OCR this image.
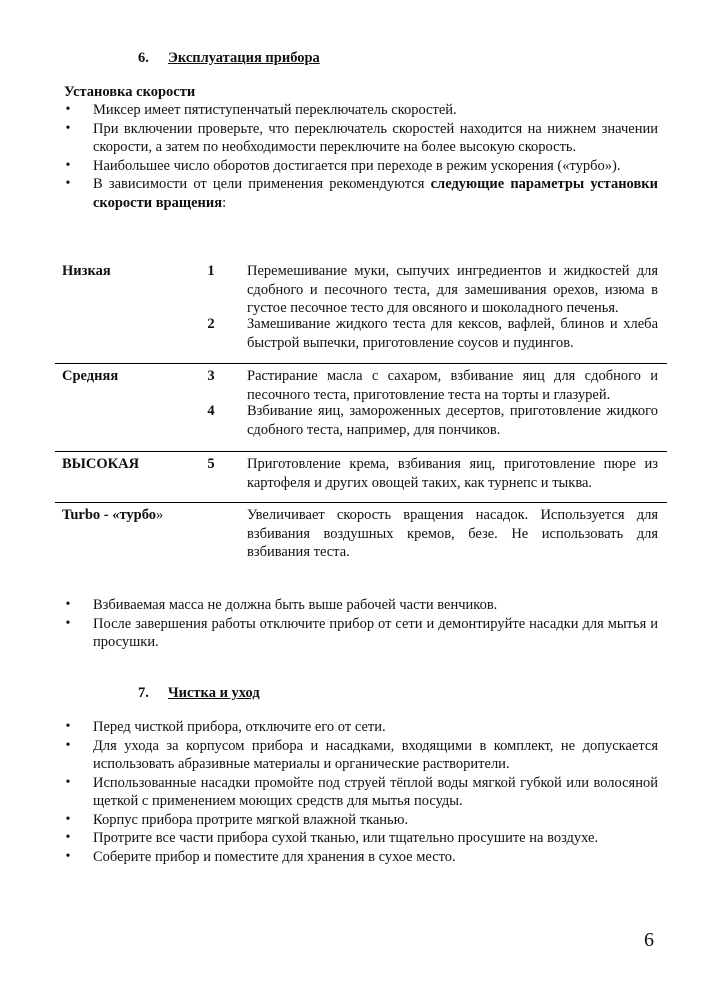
6. Эксплуатация прибора
Установка скорости
• Миксер имеет пятиступенчатый переключатель скоростей.
• При включении проверьте, что переключатель скоростей находится на нижнем значении скорости, а затем по необходимости переключите на более высокую скорость.
• Наибольшее число оборотов достигается при переходе в режим ускорения («турбо»).
• В зависимости от цели применения рекомендуются следующие параметры установки скорости вращения:
Низкая	1	Перемешивание муки, сыпучих ингредиентов и жидкостей для сдобного и песочного теста, для замешивания орехов, изюма в густое песочное тесто для овсяного и шоколадного печенья.
2	Замешивание жидкого теста для кексов, вафлей, блинов и хлеба быстрой выпечки, приготовление соусов и пудингов.
Средняя	3	Растирание масла с сахаром, взбивание яиц для сдобного и песочного теста, приготовление теста на торты и глазурей.
4	Взбивание яиц, замороженных десертов, приготовление жидкого сдобного теста, например, для пончиков.
ВЫСОКАЯ	5	Приготовление крема, взбивания яиц, приготовление пюре из картофеля и других овощей таких, как турнепс и тыква.
Turbo - «турбо»	Увеличивает скорость вращения насадок. Используется для взбивания воздушных кремов, безе. Не использовать для взбивания теста.
• Взбиваемая масса не должна быть выше рабочей части венчиков.
• После завершения работы отключите прибор от сети и демонтируйте насадки для мытья и просушки.
7. Чистка и уход
• Перед чисткой прибора, отключите его от сети.
• Для ухода за корпусом прибора и насадками, входящими в комплект, не допускается использовать абразивные материалы и органические растворители.
• Использованные насадки промойте под струей тёплой воды мягкой губкой или волосяной щеткой с применением моющих средств для мытья посуды.
• Корпус прибора протрите мягкой влажной тканью.
• Протрите все части прибора сухой тканью, или тщательно просушите на воздухе.
• Соберите прибор и поместите для хранения в сухое место.
6
